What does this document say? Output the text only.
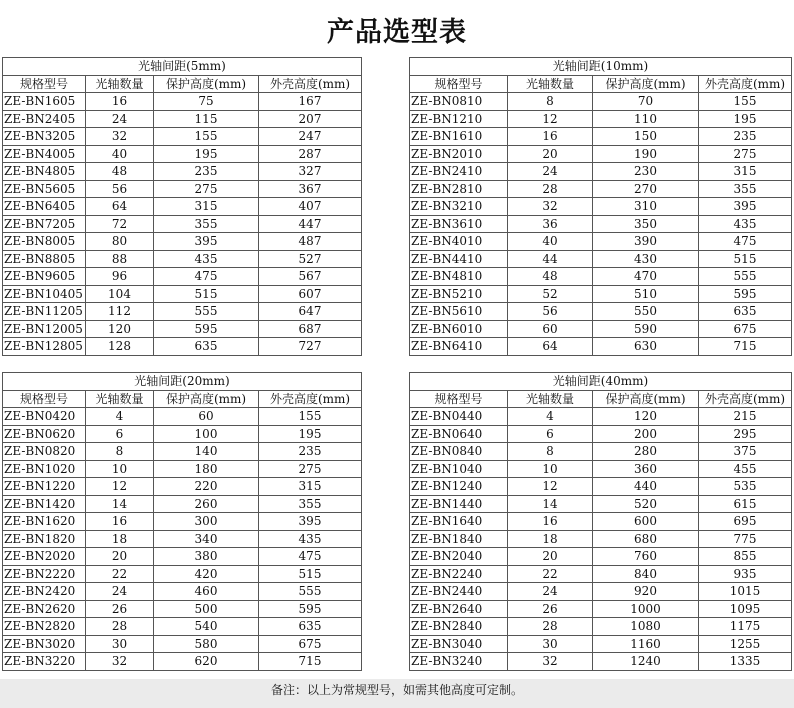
产品选型表
光轴间距(5mm)			
规格型号	光轴数量	保护高度(mm)	外壳高度(mm)
ZE-BN1605	16	75	167
ZE-BN2405	24	115	207
ZE-BN3205	32	155	247
ZE-BN4005	40	195	287
ZE-BN4805	48	235	327
ZE-BN5605	56	275	367
ZE-BN6405	64	315	407
ZE-BN7205	72	355	447
ZE-BN8005	80	395	487
ZE-BN8805	88	435	527
ZE-BN9605	96	475	567
ZE-BN10405	104	515	607
ZE-BN11205	112	555	647
ZE-BN12005	120	595	687
ZE-BN12805	128	635	727
光轴间距(10mm)			
规格型号	光轴数量	保护高度(mm)	外壳高度(mm)
ZE-BN0810	8	70	155
ZE-BN1210	12	110	195
ZE-BN1610	16	150	235
ZE-BN2010	20	190	275
ZE-BN2410	24	230	315
ZE-BN2810	28	270	355
ZE-BN3210	32	310	395
ZE-BN3610	36	350	435
ZE-BN4010	40	390	475
ZE-BN4410	44	430	515
ZE-BN4810	48	470	555
ZE-BN5210	52	510	595
ZE-BN5610	56	550	635
ZE-BN6010	60	590	675
ZE-BN6410	64	630	715
光轴间距(20mm)			
规格型号	光轴数量	保护高度(mm)	外壳高度(mm)
ZE-BN0420	4	60	155
ZE-BN0620	6	100	195
ZE-BN0820	8	140	235
ZE-BN1020	10	180	275
ZE-BN1220	12	220	315
ZE-BN1420	14	260	355
ZE-BN1620	16	300	395
ZE-BN1820	18	340	435
ZE-BN2020	20	380	475
ZE-BN2220	22	420	515
ZE-BN2420	24	460	555
ZE-BN2620	26	500	595
ZE-BN2820	28	540	635
ZE-BN3020	30	580	675
ZE-BN3220	32	620	715
光轴间距(40mm)			
规格型号	光轴数量	保护高度(mm)	外壳高度(mm)
ZE-BN0440	4	120	215
ZE-BN0640	6	200	295
ZE-BN0840	8	280	375
ZE-BN1040	10	360	455
ZE-BN1240	12	440	535
ZE-BN1440	14	520	615
ZE-BN1640	16	600	695
ZE-BN1840	18	680	775
ZE-BN2040	20	760	855
ZE-BN2240	22	840	935
ZE-BN2440	24	920	1015
ZE-BN2640	26	1000	1095
ZE-BN2840	28	1080	1175
ZE-BN3040	30	1160	1255
ZE-BN3240	32	1240	1335
备注：以上为常规型号，如需其他高度可定制。
